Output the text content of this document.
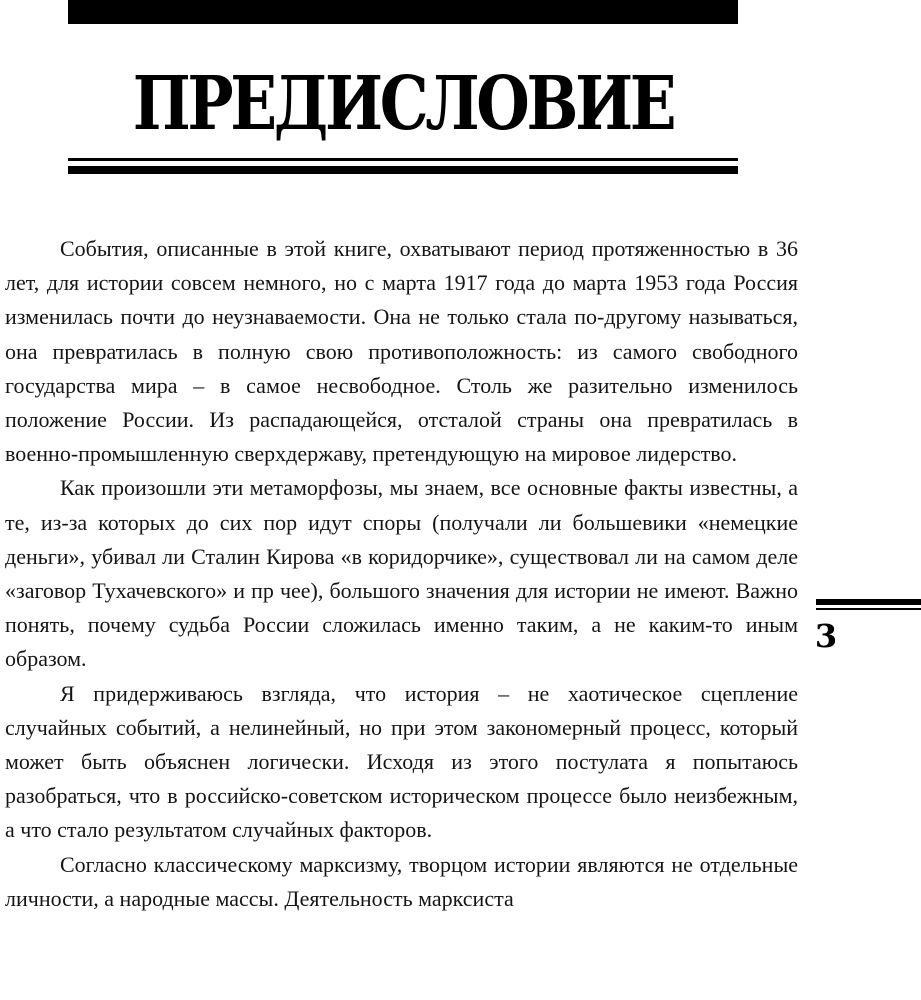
ПРЕДИСЛОВИЕ

События, описанные в этой книге, охватывают период протяженностью в 36 лет, для истории совсем немного, но с марта 1917 года до марта 1953 года Россия изменилась почти до неузнаваемости. Она не только стала по-другому называться, она превратилась в полную свою противоположность: из самого свободного государства мира – в самое несвободное. Столь же разительно изменилось положение России. Из распадающейся, отсталой страны она превратилась в военно-промышленную сверхдержаву, претендующую на мировое лидерство.

Как произошли эти метаморфозы, мы знаем, все основные факты известны, а те, из-за которых до сих пор идут споры (получали ли большевики «немецкие деньги», убивал ли Сталин Кирова «в коридорчике», существовал ли на самом деле «заговор Тухачевского» и пр чее), большого значения для истории не имеют. Важно понять, почему судьба России сложилась именно таким, а не каким-то иным образом.

Я придерживаюсь взгляда, что история – не хаотическое сцепление случайных событий, а нелинейный, но при этом закономерный процесс, который может быть объяснен логически. Исходя из этого постулата я попытаюсь разобраться, что в российско-советском историческом процессе было неизбежным, а что стало результатом случайных факторов.

Согласно классическому марксизму, творцом истории являются не отдельные личности, а народные массы. Деятельность марксиста

3
